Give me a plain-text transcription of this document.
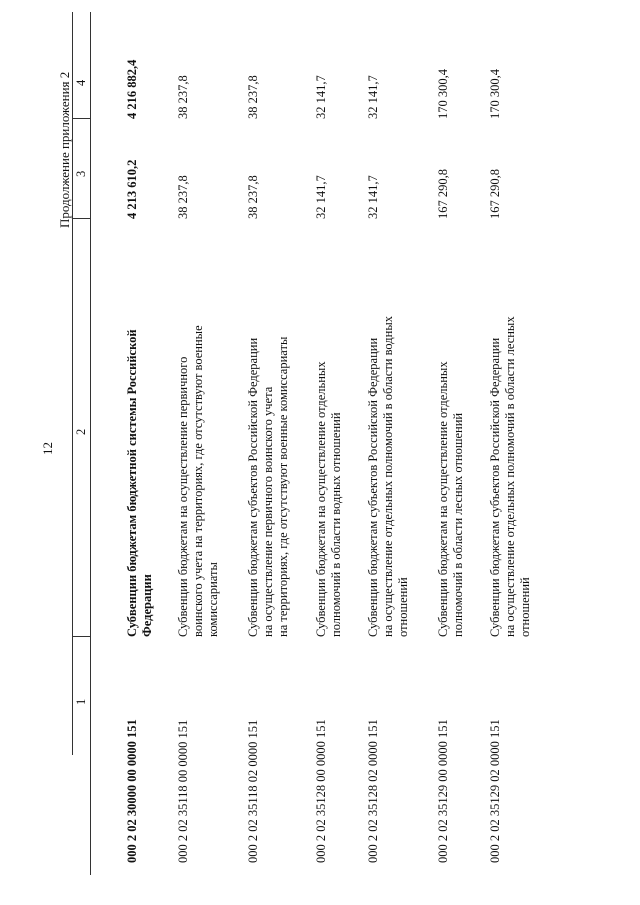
12
Продолжение приложения 2
1
2
3
4
000 2 02 30000 00 0000 151
Субвенции бюджетам бюджетной системы Российской Федерации
4 213 610,2
4 216 882,4
000 2 02 35118 00 0000 151
Субвенции бюджетам на осуществление первичного воинского учета на территориях, где отсутствуют военные комиссариаты
38 237,8
38 237,8
000 2 02 35118 02 0000 151
Субвенции бюджетам субъектов Российской Федерации на осуществление первичного воинского учета на территориях, где отсутствуют военные комиссариаты
38 237,8
38 237,8
000 2 02 35128 00 0000 151
Субвенции бюджетам на осуществление отдельных полномочий в области водных отношений
32 141,7
32 141,7
000 2 02 35128 02 0000 151
Субвенции бюджетам субъектов Российской Федерации на осуществление отдельных полномочий в области водных отношений
32 141,7
32 141,7
000 2 02 35129 00 0000 151
Субвенции бюджетам на осуществление отдельных полномочий в области лесных отношений
167 290,8
170 300,4
000 2 02 35129 02 0000 151
Субвенции бюджетам субъектов Российской Федерации на осуществление отдельных полномочий в области лесных отношений
167 290,8
170 300,4
